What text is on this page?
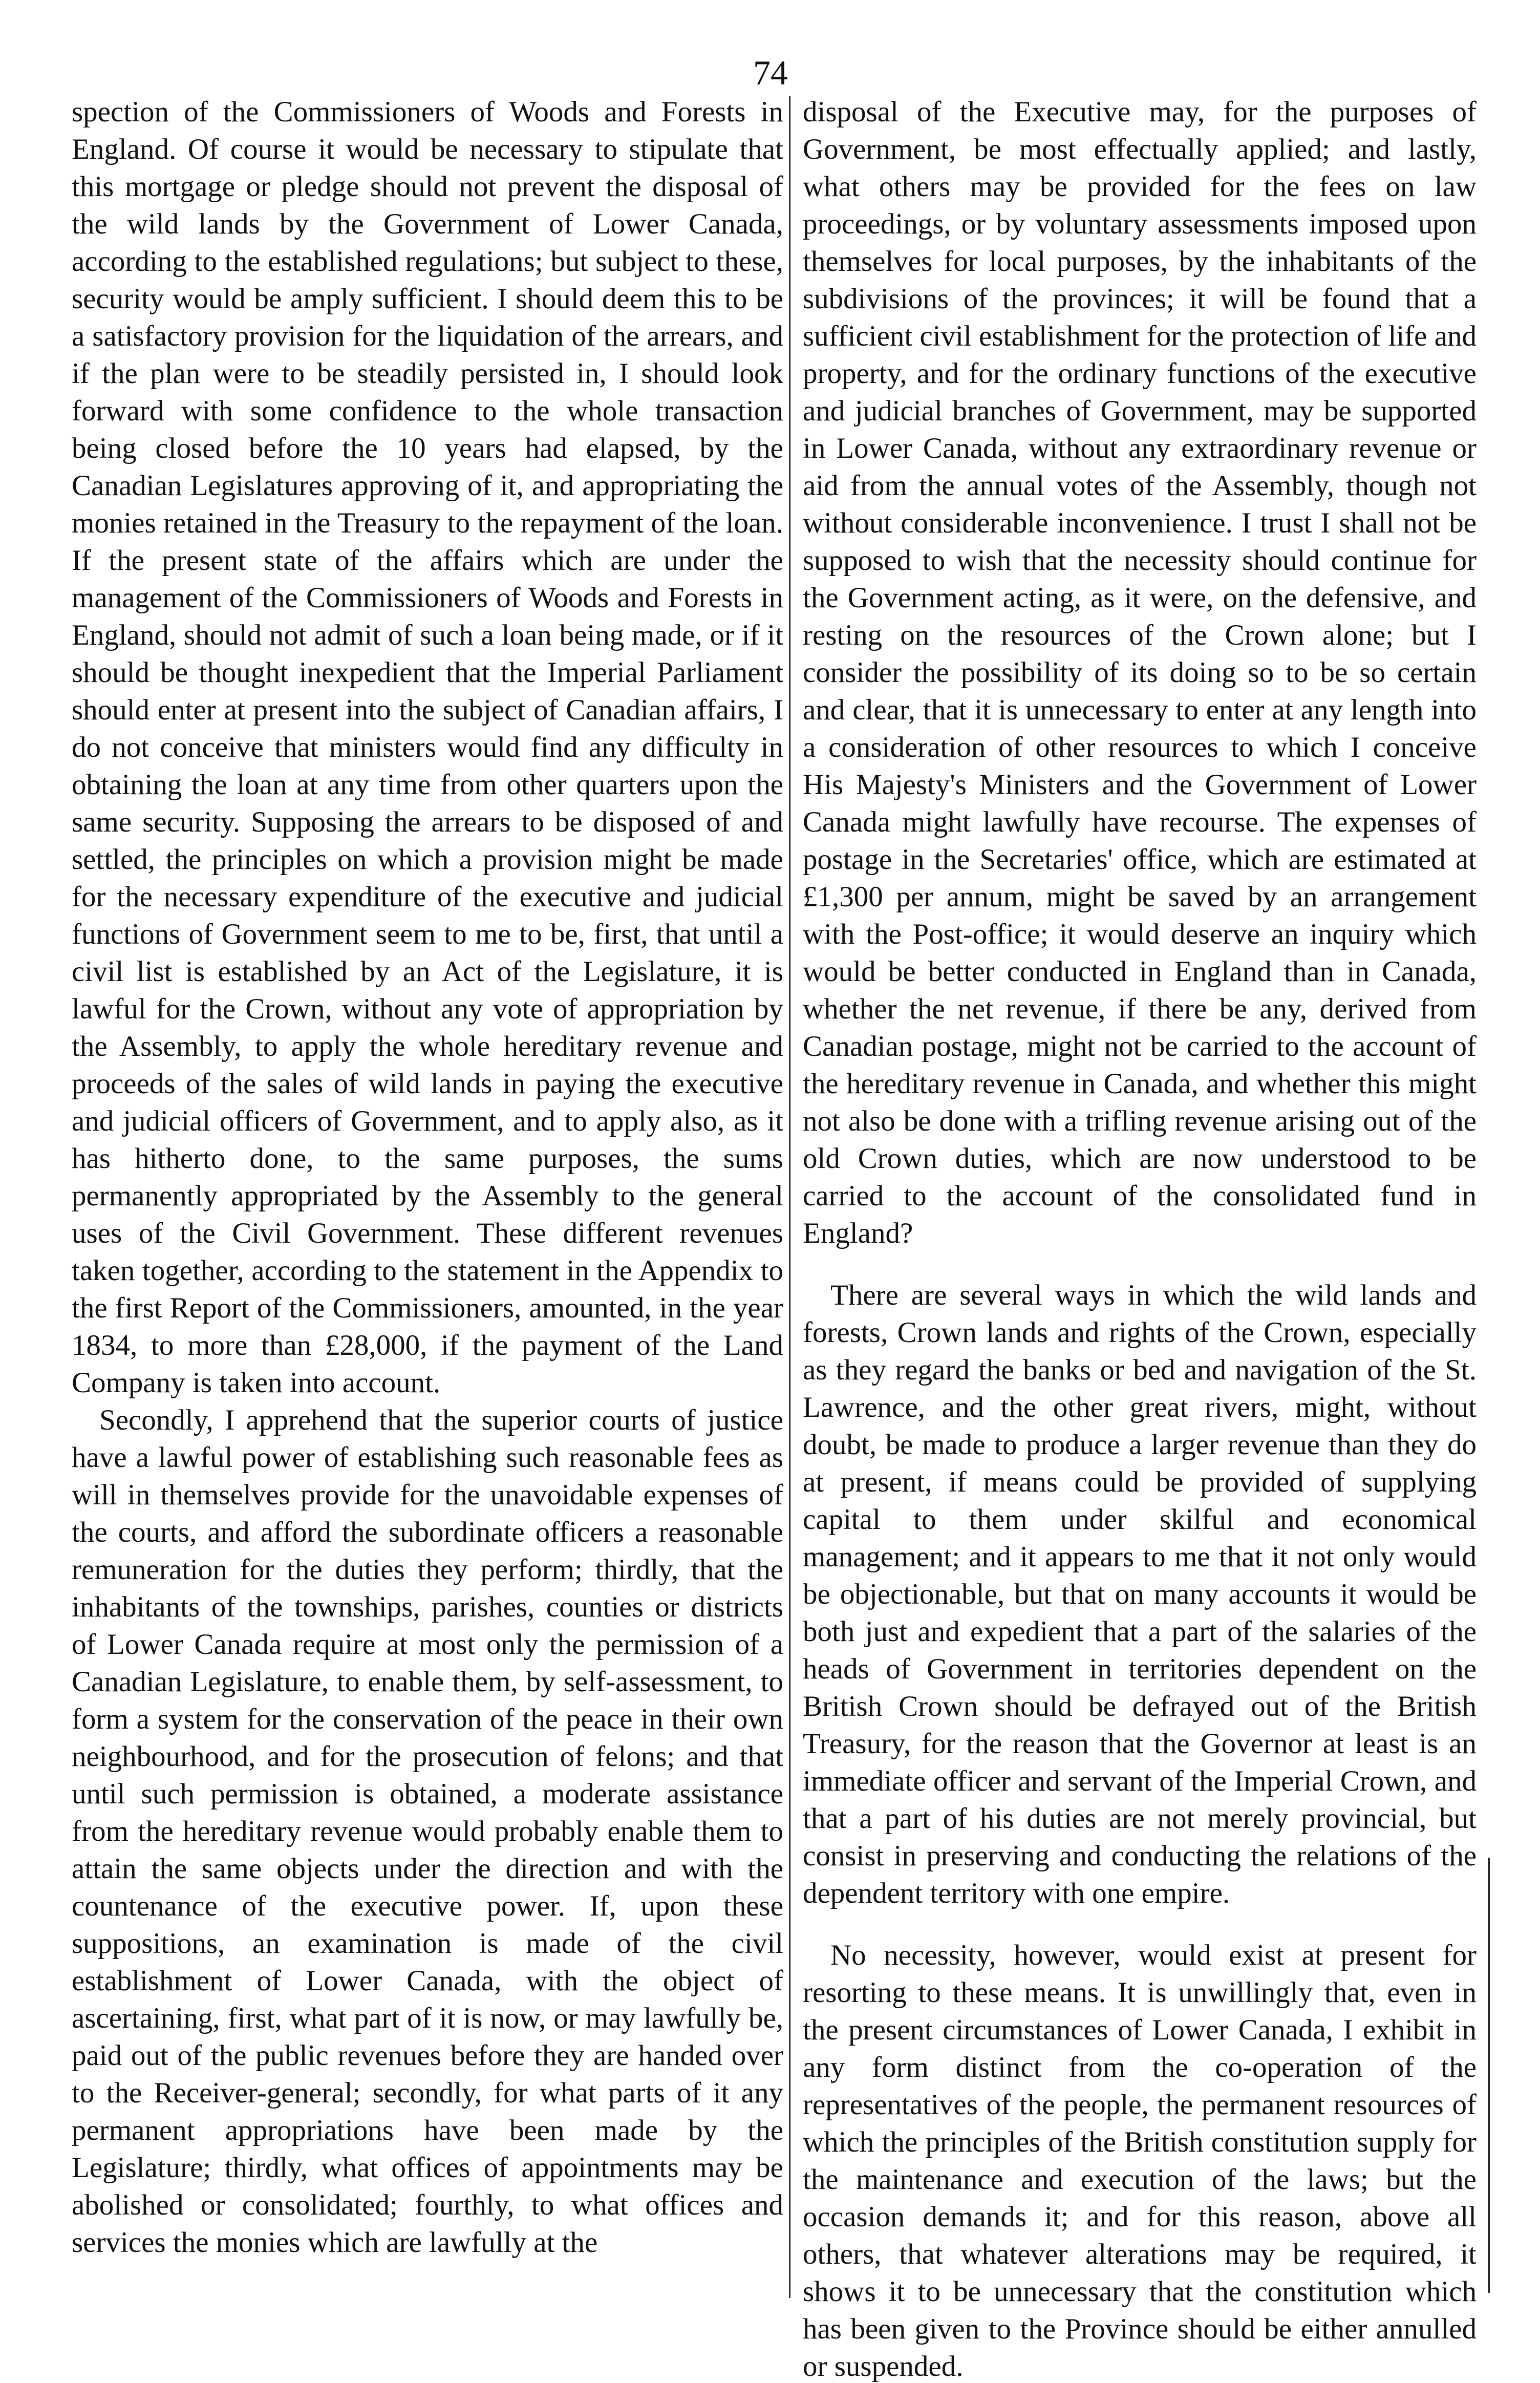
74

spection of the Commissioners of Woods and Forests in England. Of course it would be necessary to stipulate that this mortgage or pledge should not prevent the disposal of the wild lands by the Government of Lower Canada, according to the established regulations; but subject to these, security would be amply sufficient. I should deem this to be a satisfactory provision for the liquidation of the arrears, and if the plan were to be steadily persisted in, I should look forward with some confidence to the whole transaction being closed before the 10 years had elapsed, by the Canadian Legislatures approving of it, and appropriating the monies retained in the Treasury to the repayment of the loan. If the present state of the affairs which are under the management of the Commissioners of Woods and Forests in England, should not admit of such a loan being made, or if it should be thought inexpedient that the Imperial Parliament should enter at present into the subject of Canadian affairs, I do not conceive that ministers would find any difficulty in obtaining the loan at any time from other quarters upon the same security. Supposing the arrears to be disposed of and settled, the principles on which a provision might be made for the necessary expenditure of the executive and judicial functions of Government seem to me to be, first, that until a civil list is established by an Act of the Legislature, it is lawful for the Crown, without any vote of appropriation by the Assembly, to apply the whole hereditary revenue and proceeds of the sales of wild lands in paying the executive and judicial officers of Government, and to apply also, as it has hitherto done, to the same purposes, the sums permanently appropriated by the Assembly to the general uses of the Civil Government. These different revenues taken together, according to the statement in the Appendix to the first Report of the Commissioners, amounted, in the year 1834, to more than £28,000, if the payment of the Land Company is taken into account.

Secondly, I apprehend that the superior courts of justice have a lawful power of establishing such reasonable fees as will in themselves provide for the unavoidable expenses of the courts, and afford the subordinate officers a reasonable remuneration for the duties they perform; thirdly, that the inhabitants of the townships, parishes, counties or districts of Lower Canada require at most only the permission of a Canadian Legislature, to enable them, by self-assessment, to form a system for the conservation of the peace in their own neighbourhood, and for the prosecution of felons; and that until such permission is obtained, a moderate assistance from the hereditary revenue would probably enable them to attain the same objects under the direction and with the countenance of the executive power. If, upon these suppositions, an examination is made of the civil establishment of Lower Canada, with the object of ascertaining, first, what part of it is now, or may lawfully be, paid out of the public revenues before they are handed over to the Receiver-general; secondly, for what parts of it any permanent appropriations have been made by the Legislature; thirdly, what offices of appointments may be abolished or consolidated; fourthly, to what offices and services the monies which are lawfully at the

disposal of the Executive may, for the purposes of Government, be most effectually applied; and lastly, what others may be provided for the fees on law proceedings, or by voluntary assessments imposed upon themselves for local purposes, by the inhabitants of the subdivisions of the provinces; it will be found that a sufficient civil establishment for the protection of life and property, and for the ordinary functions of the executive and judicial branches of Government, may be supported in Lower Canada, without any extraordinary revenue or aid from the annual votes of the Assembly, though not without considerable inconvenience. I trust I shall not be supposed to wish that the necessity should continue for the Government acting, as it were, on the defensive, and resting on the resources of the Crown alone; but I consider the possibility of its doing so to be so certain and clear, that it is unnecessary to enter at any length into a consideration of other resources to which I conceive His Majesty's Ministers and the Government of Lower Canada might lawfully have recourse. The expenses of postage in the Secretaries' office, which are estimated at £1,300 per annum, might be saved by an arrangement with the Post-office; it would deserve an inquiry which would be better conducted in England than in Canada, whether the net revenue, if there be any, derived from Canadian postage, might not be carried to the account of the hereditary revenue in Canada, and whether this might not also be done with a trifling revenue arising out of the old Crown duties, which are now understood to be carried to the account of the consolidated fund in England?

There are several ways in which the wild lands and forests, Crown lands and rights of the Crown, especially as they regard the banks or bed and navigation of the St. Lawrence, and the other great rivers, might, without doubt, be made to produce a larger revenue than they do at present, if means could be provided of supplying capital to them under skilful and economical management; and it appears to me that it not only would be objectionable, but that on many accounts it would be both just and expedient that a part of the salaries of the heads of Government in territories dependent on the British Crown should be defrayed out of the British Treasury, for the reason that the Governor at least is an immediate officer and servant of the Imperial Crown, and that a part of his duties are not merely provincial, but consist in preserving and conducting the relations of the dependent territory with one empire.

No necessity, however, would exist at present for resorting to these means. It is unwillingly that, even in the present circumstances of Lower Canada, I exhibit in any form distinct from the co-operation of the representatives of the people, the permanent resources of which the principles of the British constitution supply for the maintenance and execution of the laws; but the occasion demands it; and for this reason, above all others, that whatever alterations may be required, it shows it to be unnecessary that the constitution which has been given to the Province should be either annulled or suspended.
